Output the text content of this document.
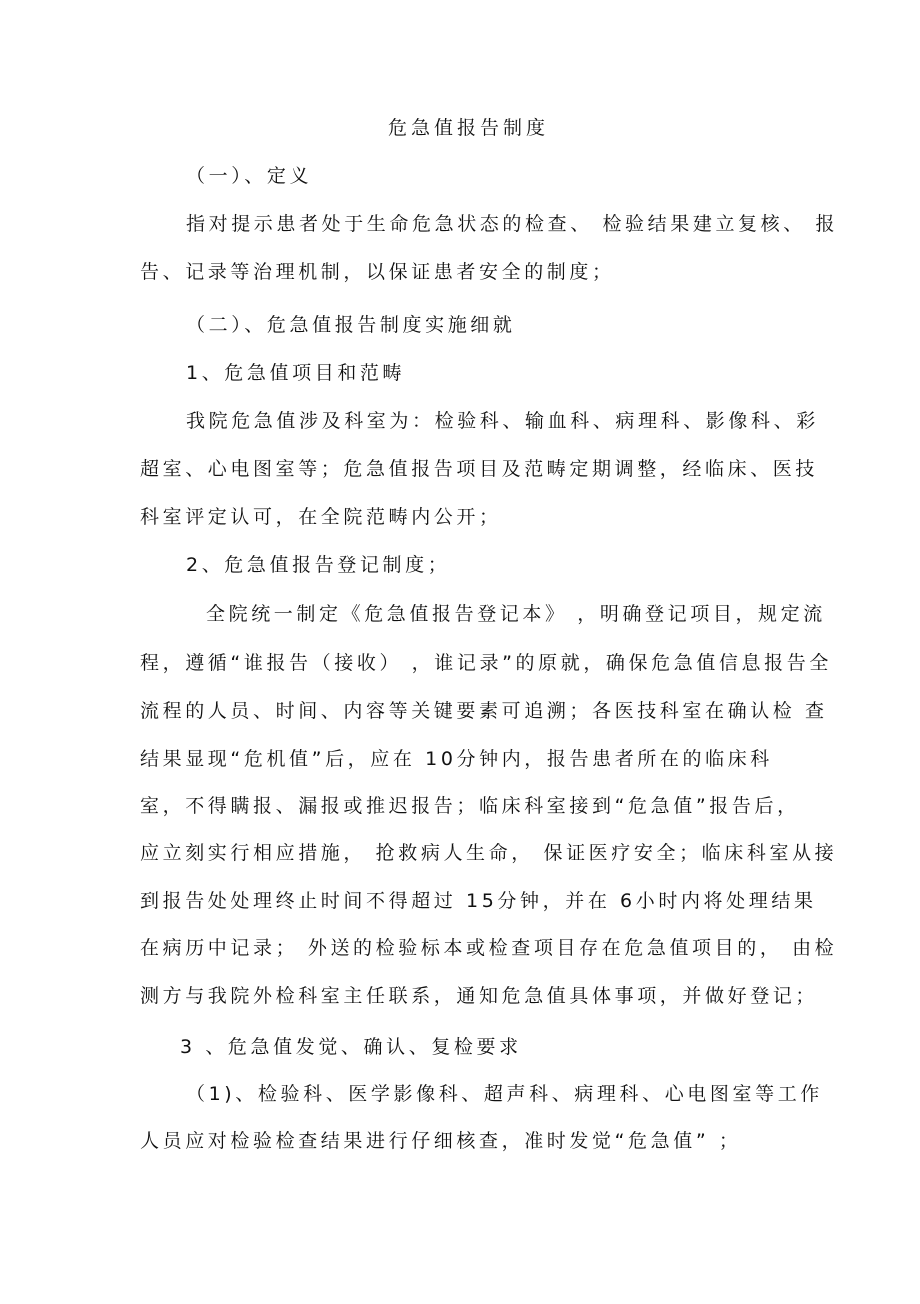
危急值报告制度

（一）、定义

指对提示患者处于生命危急状态的检查、 检验结果建立复核、 报

告、记录等治理机制，以保证患者安全的制度；

（二）、危急值报告制度实施细就

1、危急值项目和范畴

我院危急值涉及科室为：检验科、输血科、病理科、影像科、彩

超室、心电图室等；危急值报告项目及范畴定期调整，经临床、医技

科室评定认可，在全院范畴内公开；

2、危急值报告登记制度；

全院统一制定《危急值报告登记本》 ，明确登记项目，规定流

程，遵循“谁报告（接收） ，谁记录”的原就，确保危急值信息报告全

流程的人员、时间、内容等关键要素可追溯；各医技科室在确认检 查

结果显现“危机值”后，应在 10分钟内，报告患者所在的临床科

室，不得瞒报、漏报或推迟报告；临床科室接到“危急值”报告后，

应立刻实行相应措施， 抢救病人生命， 保证医疗安全；临床科室从接

到报告处处理终止时间不得超过 15分钟，并在 6小时内将处理结果

在病历中记录； 外送的检验标本或检查项目存在危急值项目的， 由检

测方与我院外检科室主任联系，通知危急值具体事项，并做好登记；

3 、危急值发觉、确认、复检要求

（1)、检验科、医学影像科、超声科、病理科、心电图室等工作

人员应对检验检查结果进行仔细核查，准时发觉“危急值” ；
